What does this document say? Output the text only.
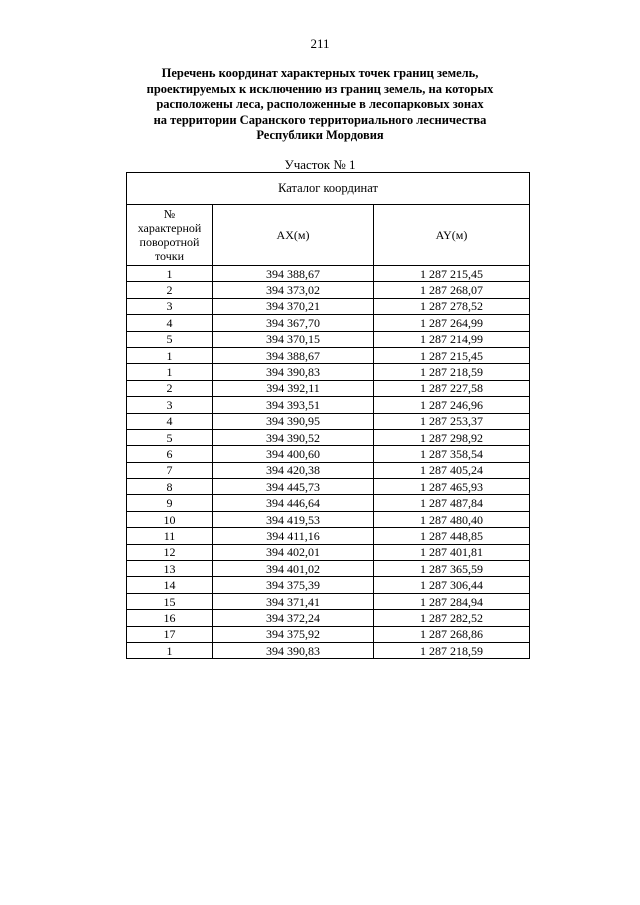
211
Перечень координат характерных точек границ земель,
проектируемых к исключению из границ земель, на которых
расположены леса, расположенные в лесопарковых зонах
на территории Саранского территориального лесничества
Республики Мордовия
Участок № 1
Каталог координат		

№
характерной
поворотной
точки	AX(м)	AY(м)
1	394 388,67	1 287 215,45
2	394 373,02	1 287 268,07
3	394 370,21	1 287 278,52
4	394 367,70	1 287 264,99
5	394 370,15	1 287 214,99
1	394 388,67	1 287 215,45
1	394 390,83	1 287 218,59
2	394 392,11	1 287 227,58
3	394 393,51	1 287 246,96
4	394 390,95	1 287 253,37
5	394 390,52	1 287 298,92
6	394 400,60	1 287 358,54
7	394 420,38	1 287 405,24
8	394 445,73	1 287 465,93
9	394 446,64	1 287 487,84
10	394 419,53	1 287 480,40
11	394 411,16	1 287 448,85
12	394 402,01	1 287 401,81
13	394 401,02	1 287 365,59
14	394 375,39	1 287 306,44
15	394 371,41	1 287 284,94
16	394 372,24	1 287 282,52
17	394 375,92	1 287 268,86
1	394 390,83	1 287 218,59
